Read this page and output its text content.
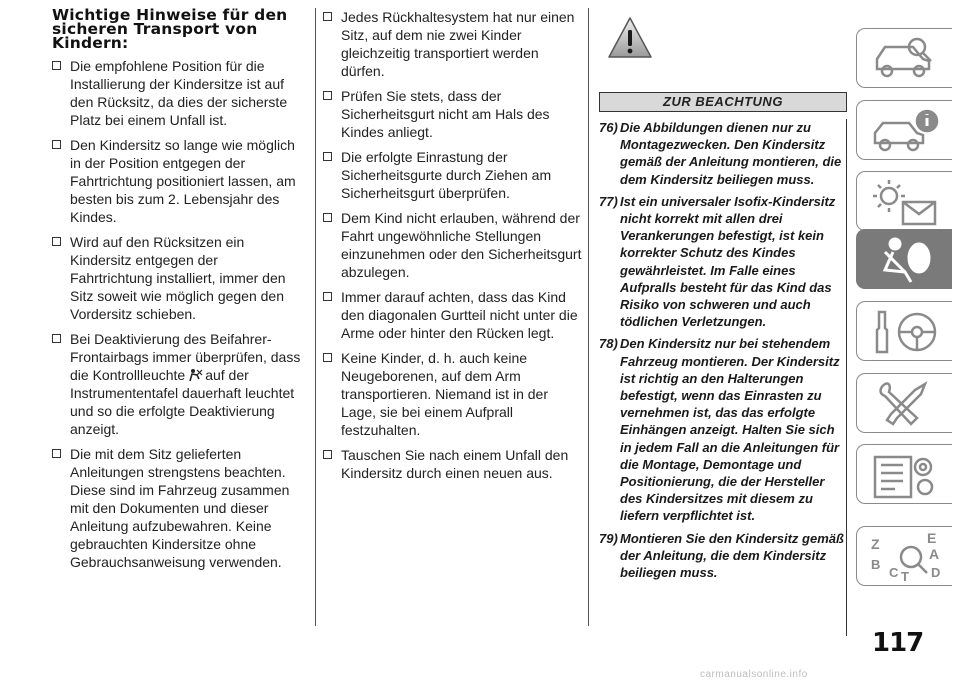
Wichtige Hinweise für den sicheren Transport von Kindern:
Die empfohlene Position für die Installierung der Kindersitze ist auf den Rücksitz, da dies der sicherste Platz bei einem Unfall ist.
Den Kindersitz so lange wie möglich in der Position entgegen der Fahrtrichtung positioniert lassen, am besten bis zum 2. Lebensjahr des Kindes.
Wird auf den Rücksitzen ein Kindersitz entgegen der Fahrtrichtung installiert, immer den Sitz soweit wie möglich gegen den Vordersitz schieben.
Bei Deaktivierung des Beifahrer-Frontairbags immer überprüfen, dass die Kontrollleuchte auf der Instrumententafel dauerhaft leuchtet und so die erfolgte Deaktivierung anzeigt.
Die mit dem Sitz gelieferten Anleitungen strengstens beachten. Diese sind im Fahrzeug zusammen mit den Dokumenten und dieser Anleitung aufzubewahren. Keine gebrauchten Kindersitze ohne Gebrauchsanweisung verwenden.
Jedes Rückhaltesystem hat nur einen Sitz, auf dem nie zwei Kinder gleichzeitig transportiert werden dürfen.
Prüfen Sie stets, dass der Sicherheitsgurt nicht am Hals des Kindes anliegt.
Die erfolgte Einrastung der Sicherheitsgurte durch Ziehen am Sicherheitsgurt überprüfen.
Dem Kind nicht erlauben, während der Fahrt ungewöhnliche Stellungen einzunehmen oder den Sicherheitsgurt abzulegen.
Immer darauf achten, dass das Kind den diagonalen Gurtteil nicht unter die Arme oder hinter den Rücken legt.
Keine Kinder, d. h. auch keine Neugeborenen, auf dem Arm transportieren. Niemand ist in der Lage, sie bei einem Aufprall festzuhalten.
Tauschen Sie nach einem Unfall den Kindersitz durch einen neuen aus.
ZUR BEACHTUNG
76) Die Abbildungen dienen nur zu Montagezwecken. Den Kindersitz gemäß der Anleitung montieren, die dem Kindersitz beiliegen muss.
77) Ist ein universaler Isofix-Kindersitz nicht korrekt mit allen drei Verankerungen befestigt, ist kein korrekter Schutz des Kindes gewährleistet. Im Falle eines Aufpralls besteht für das Kind das Risiko von schweren und auch tödlichen Verletzungen.
78) Den Kindersitz nur bei stehendem Fahrzeug montieren. Der Kindersitz ist richtig an den Halterungen befestigt, wenn das Einrasten zu vernehmen ist, das das erfolgte Einhängen anzeigt. Halten Sie sich in jedem Fall an die Anleitungen für die Montage, Demontage und Positionierung, die der Hersteller des Kindersitzes mit diesem zu liefern verpflichtet ist.
79) Montieren Sie den Kindersitz gemäß der Anleitung, die dem Kindersitz beiliegen muss.
Z	E
A
B
C T D
117
carmanualsonline.info
